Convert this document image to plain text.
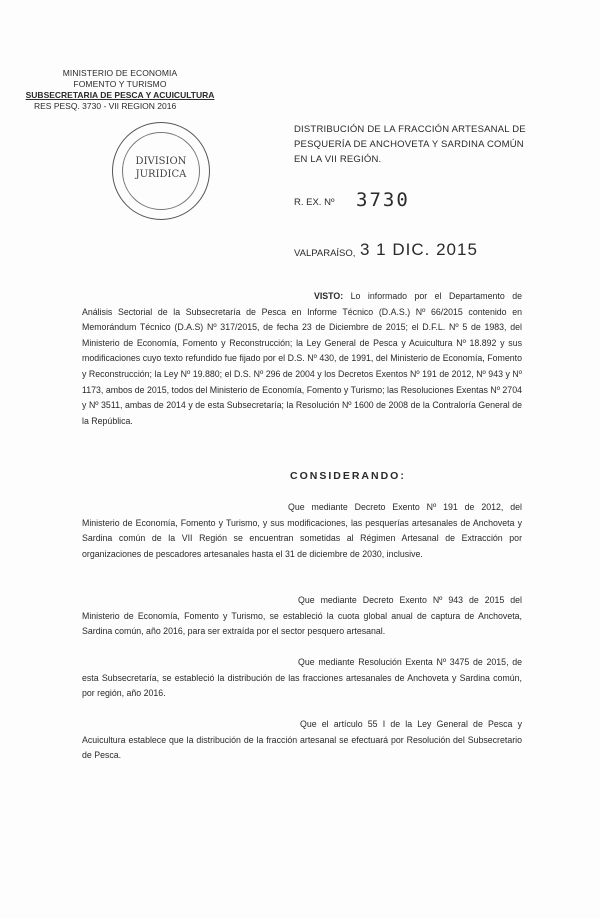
MINISTERIO DE ECONOMIA
FOMENTO Y TURISMO
SUBSECRETARIA DE PESCA Y ACUICULTURA
RES PESQ. 3730 - VII REGION 2016
DIVISION
JURIDICA
DISTRIBUCIÓN DE LA FRACCIÓN ARTESANAL DE PESQUERÍA DE ANCHOVETA Y SARDINA COMÚN EN LA VII REGIÓN.
R. EX. Nº 3730
VALPARAÍSO, 3 1 DIC. 2015
VISTO: Lo informado por el Departamento de Análisis Sectorial de la Subsecretaría de Pesca en Informe Técnico (D.A.S.) Nº 66/2015 contenido en Memorándum Técnico (D.A.S) Nº 317/2015, de fecha 23 de Diciembre de 2015; el D.F.L. Nº 5 de 1983, del Ministerio de Economía, Fomento y Reconstrucción; la Ley General de Pesca y Acuicultura Nº 18.892 y sus modificaciones cuyo texto refundido fue fijado por el D.S. Nº 430, de 1991, del Ministerio de Economía, Fomento y Reconstrucción; la Ley Nº 19.880; el D.S. Nº 296 de 2004 y los Decretos Exentos Nº 191 de 2012, Nº 943 y Nº 1173, ambos de 2015, todos del Ministerio de Economía, Fomento y Turismo; las Resoluciones Exentas Nº 2704 y Nº 3511, ambas de 2014 y de esta Subsecretaría; la Resolución Nº 1600 de 2008 de la Contraloría General de la República.
CONSIDERANDO:
Que mediante Decreto Exento Nº 191 de 2012, del Ministerio de Economía, Fomento y Turismo, y sus modificaciones, las pesquerías artesanales de Anchoveta y Sardina común de la VII Región se encuentran sometidas al Régimen Artesanal de Extracción por organizaciones de pescadores artesanales hasta el 31 de diciembre de 2030, inclusive.
Que mediante Decreto Exento Nº 943 de 2015 del Ministerio de Economía, Fomento y Turismo, se estableció la cuota global anual de captura de Anchoveta, Sardina común, año 2016, para ser extraída por el sector pesquero artesanal.
Que mediante Resolución Exenta Nº 3475 de 2015, de esta Subsecretaría, se estableció la distribución de las fracciones artesanales de Anchoveta y Sardina común, por región, año 2016.
Que el artículo 55 I de la Ley General de Pesca y Acuicultura establece que la distribución de la fracción artesanal se efectuará por Resolución del Subsecretario de Pesca.
